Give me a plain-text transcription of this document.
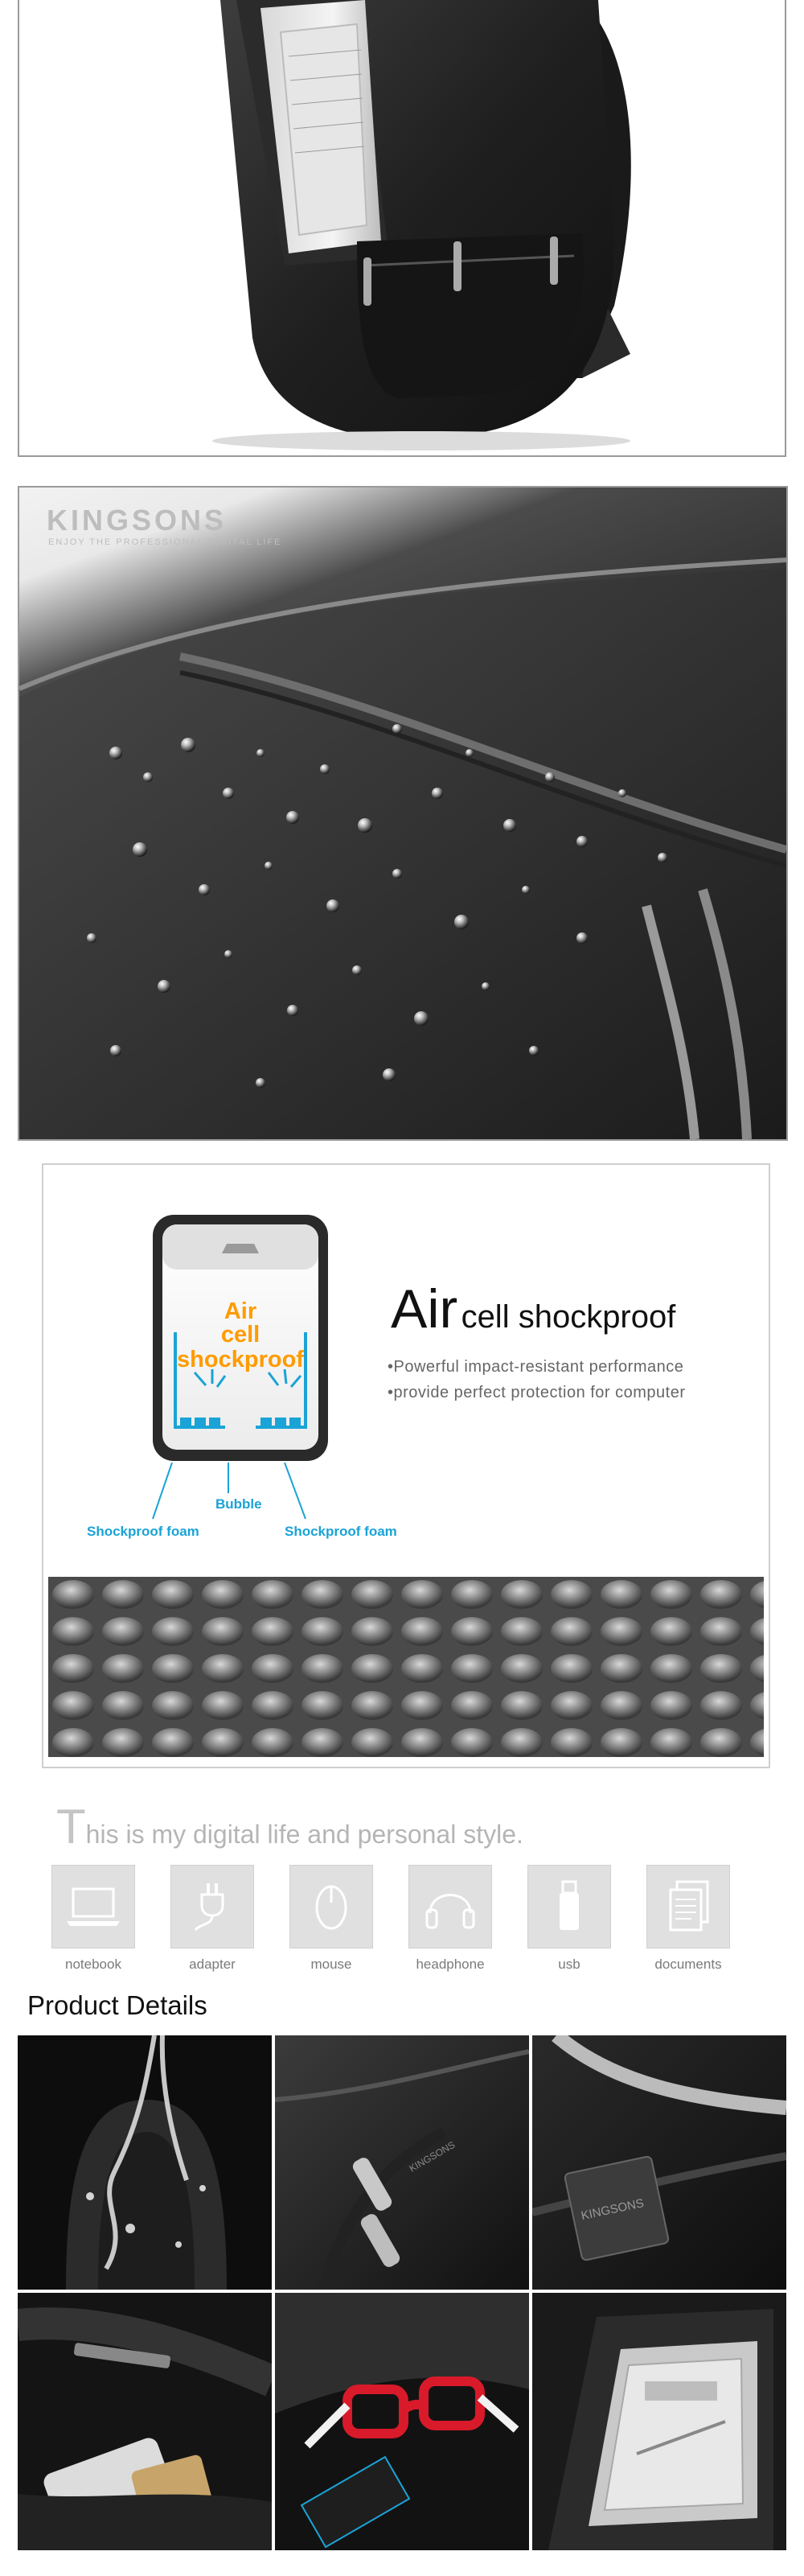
KINGSONS
ENJOY THE PROFESSIONAL DIGITAL LIFE
Air
cell
shockproof
Bubble
Shockproof foam	Shockproof foam
Air cell shockproof
•Powerful impact-resistant performance
•provide perfect protection for computer
This is my digital life and personal style.
notebook	adapter	mouse	headphone	usb	documents
Product Details
KINGSONS
KINGSONS
